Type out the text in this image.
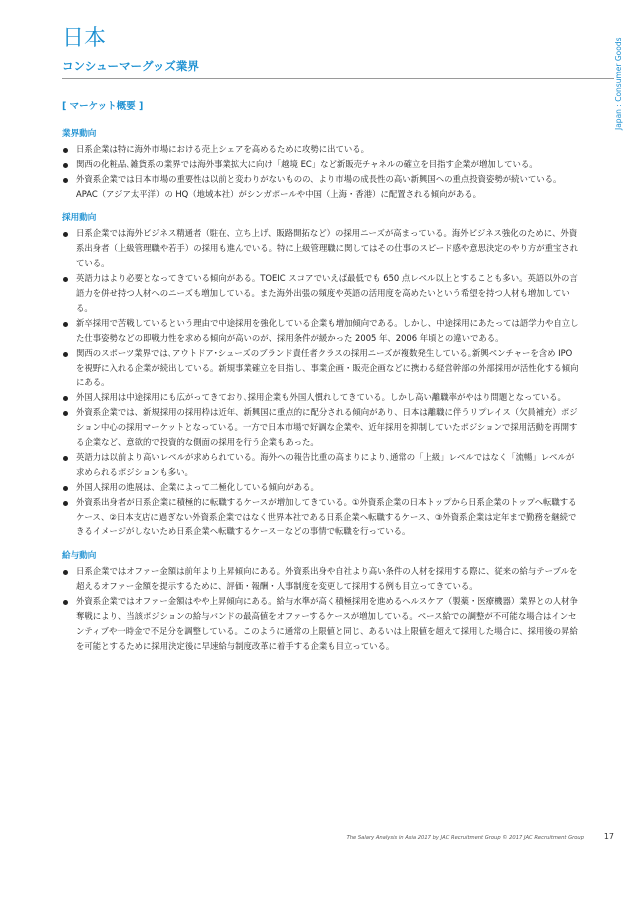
日本
コンシューマーグッズ業界	Japan : Consumer Goods
[ マーケット概要 ]
業界動向
日系企業は特に海外市場における売上シェアを高めるために攻勢に出ている。
関西の化粧品､雑貨系の業界では海外事業拡大に向け「越境 EC」など新販売チャネルの確立を目指す企業が増加している。
外資系企業では日本市場の重要性は以前と変わりがないものの、より市場の成長性の高い新興国への重点投資姿勢が続いている。APAC（アジア太平洋）の HQ（地域本社）がシンガポールや中国（上海・香港）に配置される傾向がある。
採用動向
日系企業では海外ビジネス精通者（駐在、立ち上げ、販路開拓など）の採用ニーズが高まっている。海外ビジネス強化のために、外資系出身者（上級管理職や若手）の採用も進んでいる。特に上級管理職に関してはその仕事のスピード感や意思決定のやり方が重宝されている。
英語力はより必要となってきている傾向がある。TOEIC スコアでいえば最低でも 650 点レベル以上とすることも多い。英語以外の言語力を併せ持つ人材へのニーズも増加している。また海外出張の頻度や英語の活用度を高めたいという希望を持つ人材も増加している。
新卒採用で苦戦しているという理由で中途採用を強化している企業も増加傾向である。しかし、中途採用にあたっては語学力や自立した仕事姿勢などの即戦力性を求める傾向が高いのが、採用条件が緩かった 2005 年、2006 年頃との違いである。
関西のスポーツ業界では､アウトドア･シューズのブランド責任者クラスの採用ニーズが複数発生している｡新興ベンチャーを含め IPO を視野に入れる企業が続出している。新規事業確立を目指し、事業企画・販売企画などに携わる経営幹部の外部採用が活性化する傾向にある。
外国人採用は中途採用にも広がってきており､採用企業も外国人慣れしてきている。しかし高い離職率がやはり問題となっている。
外資系企業では、新規採用の採用枠は近年、新興国に重点的に配分される傾向があり、日本は離職に伴うリプレイス（欠員補充）ポジション中心の採用マーケットとなっている。一方で日本市場で好調な企業や、近年採用を抑制していたポジションで採用活動を再開する企業など、意欲的で投資的な側面の採用を行う企業もあった。
英語力は以前より高いレベルが求められている。海外への報告比重の高まりにより､通常の「上級」レベルではなく「流暢」レベルが求められるポジションも多い。
外国人採用の進展は、企業によって二極化している傾向がある。
外資系出身者が日系企業に積極的に転職するケースが増加してきている。①外資系企業の日本トップから日系企業のトップへ転職するケース、②日本支店に過ぎない外資系企業ではなく世界本社である日系企業へ転職するケース、③外資系企業は定年まで勤務を継続できるイメージがしないため日系企業へ転職するケース－などの事情で転職を行っている。
給与動向
日系企業ではオファー金額は前年より上昇傾向にある。外資系出身や自社より高い条件の人材を採用する際に、従来の給与テーブルを超えるオファー金額を提示するために、評価・報酬・人事制度を変更して採用する例も目立ってきている。
外資系企業ではオファー金額はやや上昇傾向にある。給与水準が高く積極採用を進めるヘルスケア（製薬・医療機器）業界との人材争奪戦により、当該ポジションの給与バンドの最高値をオファーするケースが増加している。ベース給での調整が不可能な場合はインセンティブや一時金で不足分を調整している。このように通常の上限値と同じ、あるいは上限値を超えて採用した場合に、採用後の昇給を可能とするために採用決定後に早速給与制度改革に着手する企業も目立っている。
The Salary Analysis in Asia 2017 by JAC Recruitment Group © 2017 JAC Recruitment Group 17
